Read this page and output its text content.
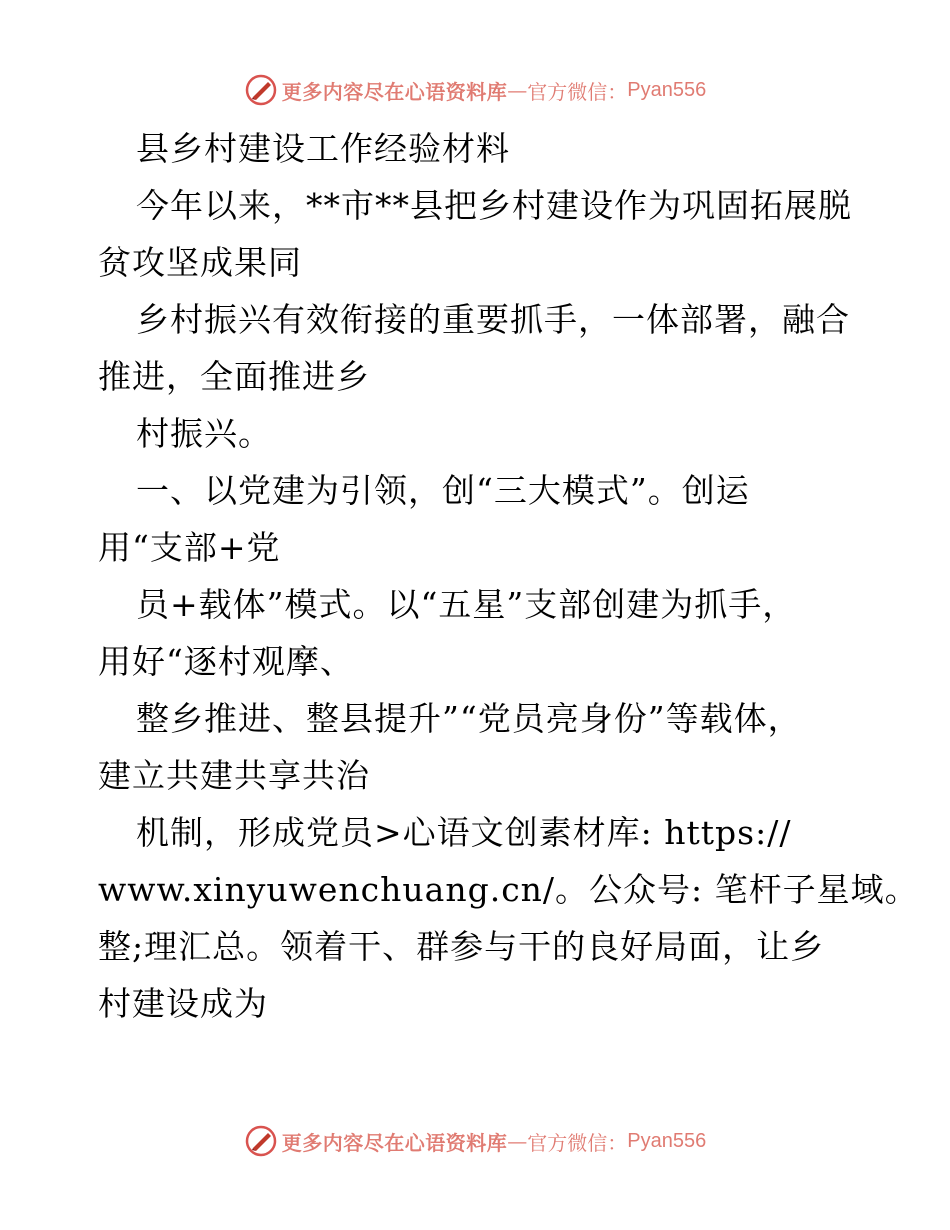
更多内容尽在心语资料库 — 官方微信： Pyan556
县乡村建设工作经验材料
今年以来，**市**县把乡村建设作为巩固拓展脱
贫攻坚成果同
乡村振兴有效衔接的重要抓手，一体部署，融合
推进，全面推进乡
村振兴。
一、以党建为引领，创“三大模式”。创运
用“支部+党
员+载体”模式。以“五星”支部创建为抓手，
用好“逐村观摩、
整乡推进、整县提升”“党员亮身份”等载体，
建立共建共享共治
机制，形成党员>心语文创素材库: https://
www.xinyuwenchuang.cn/。公众号: 笔杆子星域。
整;理汇总。领着干、群参与干的良好局面，让乡
村建设成为
更多内容尽在心语资料库 — 官方微信： Pyan556
